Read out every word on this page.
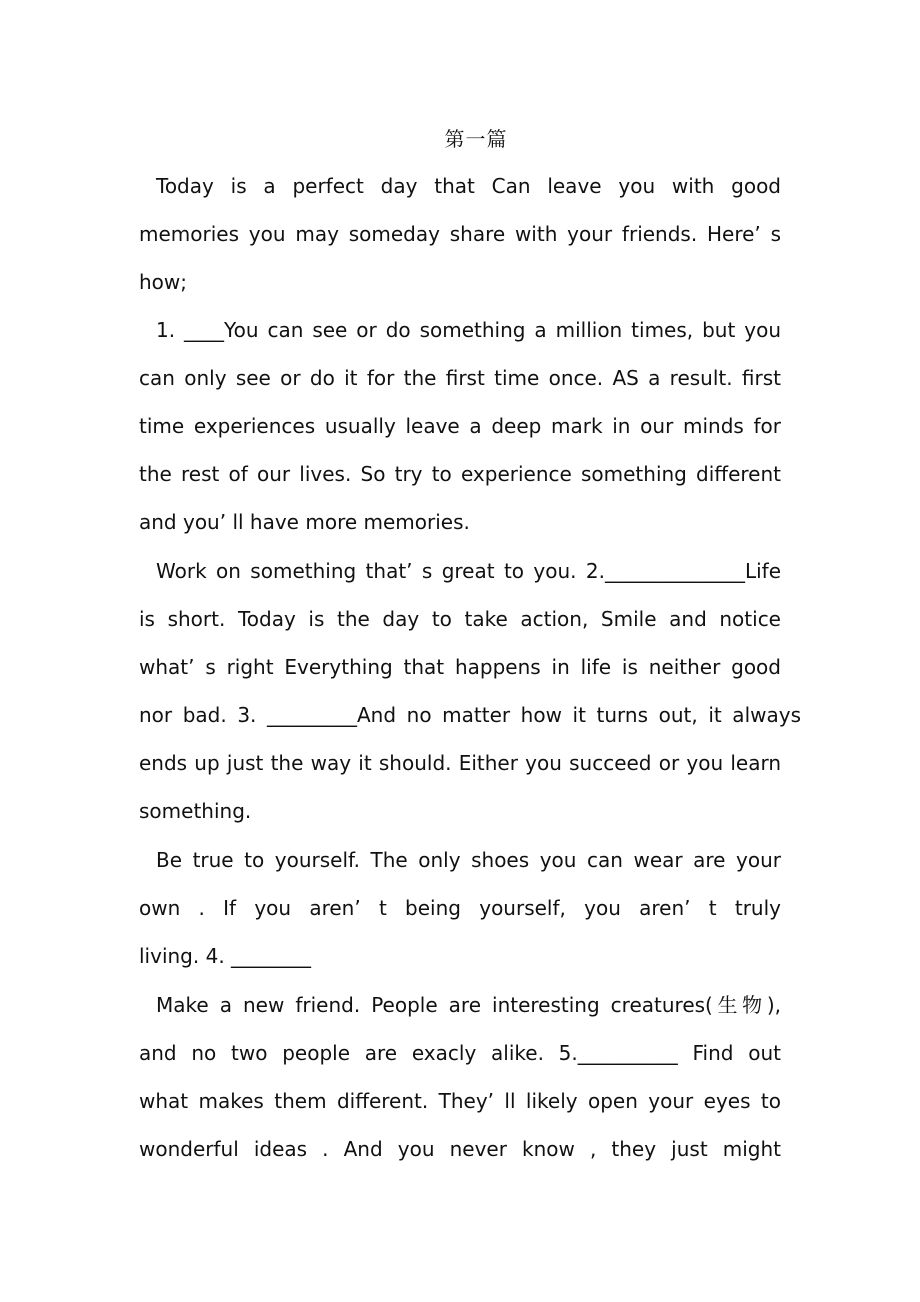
第一篇
Today is a perfect day that Can leave you with good
memories you may someday share with your friends. Here’ s
how;
1. ____You can see or do something a million times, but you
can only see or do it for the first time once. AS a result. first
time experiences usually leave a deep mark in our minds for
the rest of our lives. So try to experience something different
and you’ ll have more memories.
Work on something that’ s great to you. 2.______________Life
is short. Today is the day to take action, Smile and notice
what’ s right Everything that happens in life is neither good
nor bad. 3. _________And no matter how it turns out, it always
ends up just the way it should. Either you succeed or you learn
something.
Be true to yourself. The only shoes you can wear are your
own . If you aren’ t being yourself, you aren’ t truly
living. 4. ________
Make a new friend. People are interesting creatures(生物),
and no two people are exacly alike. 5.__________ Find out
what makes them different. They’ ll likely open your eyes to
wonderful ideas . And you never know , they just might
